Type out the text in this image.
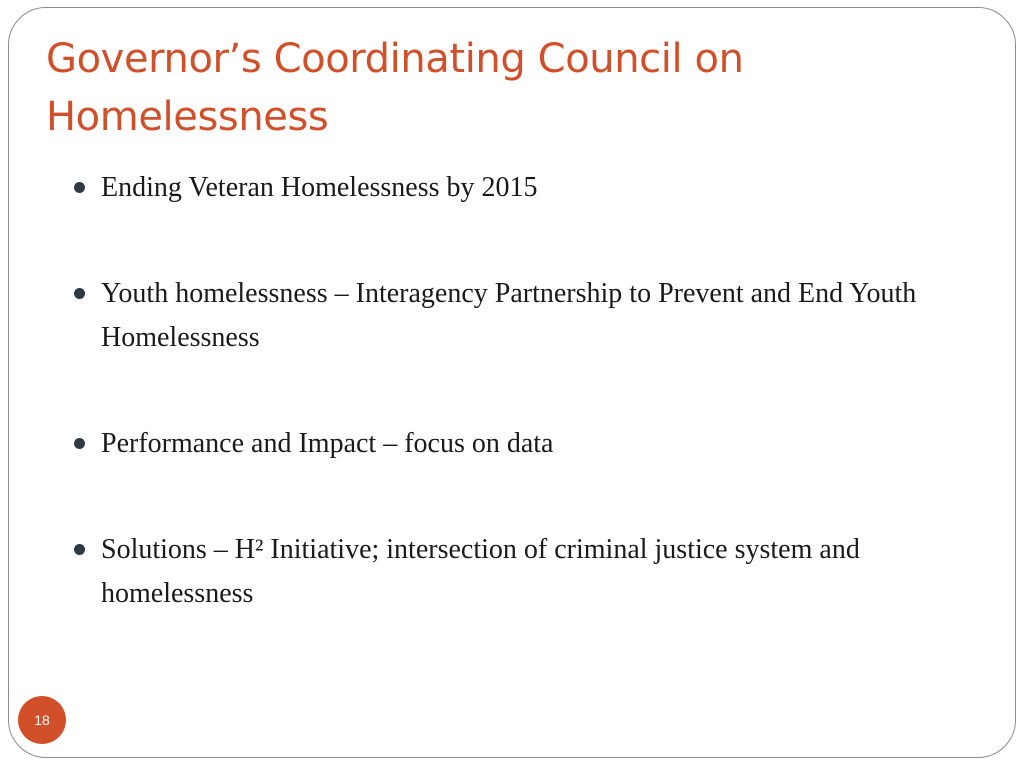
Governor’s Coordinating Council on Homelessness
Ending Veteran Homelessness by 2015
Youth homelessness – Interagency Partnership to Prevent and End Youth Homelessness
Performance and Impact – focus on data
Solutions – H² Initiative; intersection of criminal justice system and homelessness
18
